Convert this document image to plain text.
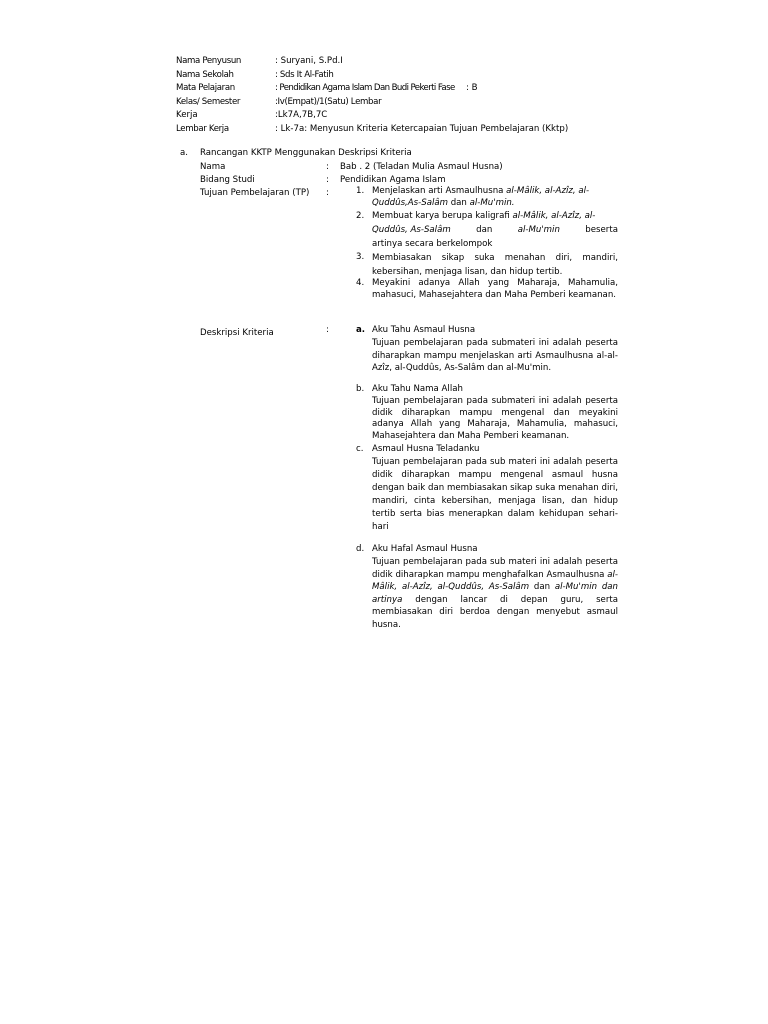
Nama Penyusun	: Suryani, S.Pd.I
Nama Sekolah	: Sds It Al-Fatih
Mata Pelajaran	: Pendidikan Agama Islam Dan Budi Pekerti Fase : B
Kelas/ Semester	:Iv(Empat)/1(Satu) Lembar
Kerja	:Lk7A,7B,7C
Lembar Kerja	: Lk-7a: Menyusun Kriteria Ketercapaian Tujuan Pembelajaran (Kktp)
a. Rancangan KKTP Menggunakan Deskripsi Kriteria
Nama	: Bab . 2 (Teladan Mulia Asmaul Husna)
Bidang Studi	: Pendidikan Agama Islam
Tujuan Pembelajaran (TP) :	1. Menjelaskan arti Asmaulhusna al-Mâlik, al-Azîz, al-
Quddûs,As-Salâm dan al-Mu'min.
2. Membuat karya berupa kaligrafi al-Mâlik, al-Azîz, al-
Quddûs, As-Salâm	dan	al-Mu'min	beserta
artinya secara berkelompok
3. Membiasakan sikap suka menahan diri, mandiri, kebersihan, menjaga lisan, dan hidup tertib.
4. Meyakini adanya Allah yang Maharaja, Mahamulia, mahasuci, Mahasejahtera dan Maha Pemberi keamanan.
Deskripsi Kriteria	:	a. Aku Tahu Asmaul Husna
Tujuan pembelajaran pada submateri ini adalah peserta diharapkan mampu menjelaskan arti Asmaulhusna al-al-Azîz, al-Quddûs, As-Salâm dan al-Mu'min.
b. Aku Tahu Nama Allah
Tujuan pembelajaran pada submateri ini adalah peserta didik diharapkan mampu mengenal dan meyakini adanya Allah yang Maharaja, Mahamulia, mahasuci, Mahasejahtera dan Maha Pemberi keamanan.
c. Asmaul Husna Teladanku
Tujuan pembelajaran pada sub materi ini adalah peserta didik diharapkan mampu mengenal asmaul husna dengan baik dan membiasakan sikap suka menahan diri, mandiri, cinta kebersihan, menjaga lisan, dan hidup tertib serta bias menerapkan dalam kehidupan sehari- hari
d. Aku Hafal Asmaul Husna
Tujuan pembelajaran pada sub materi ini adalah peserta didik diharapkan mampu menghafalkan Asmaulhusna al-Mâlik, al-Azîz, al-Quddûs, As-Salâm dan al-Mu'min dan artinya dengan lancar di depan guru, serta membiasakan diri berdoa dengan menyebut asmaul husna.
